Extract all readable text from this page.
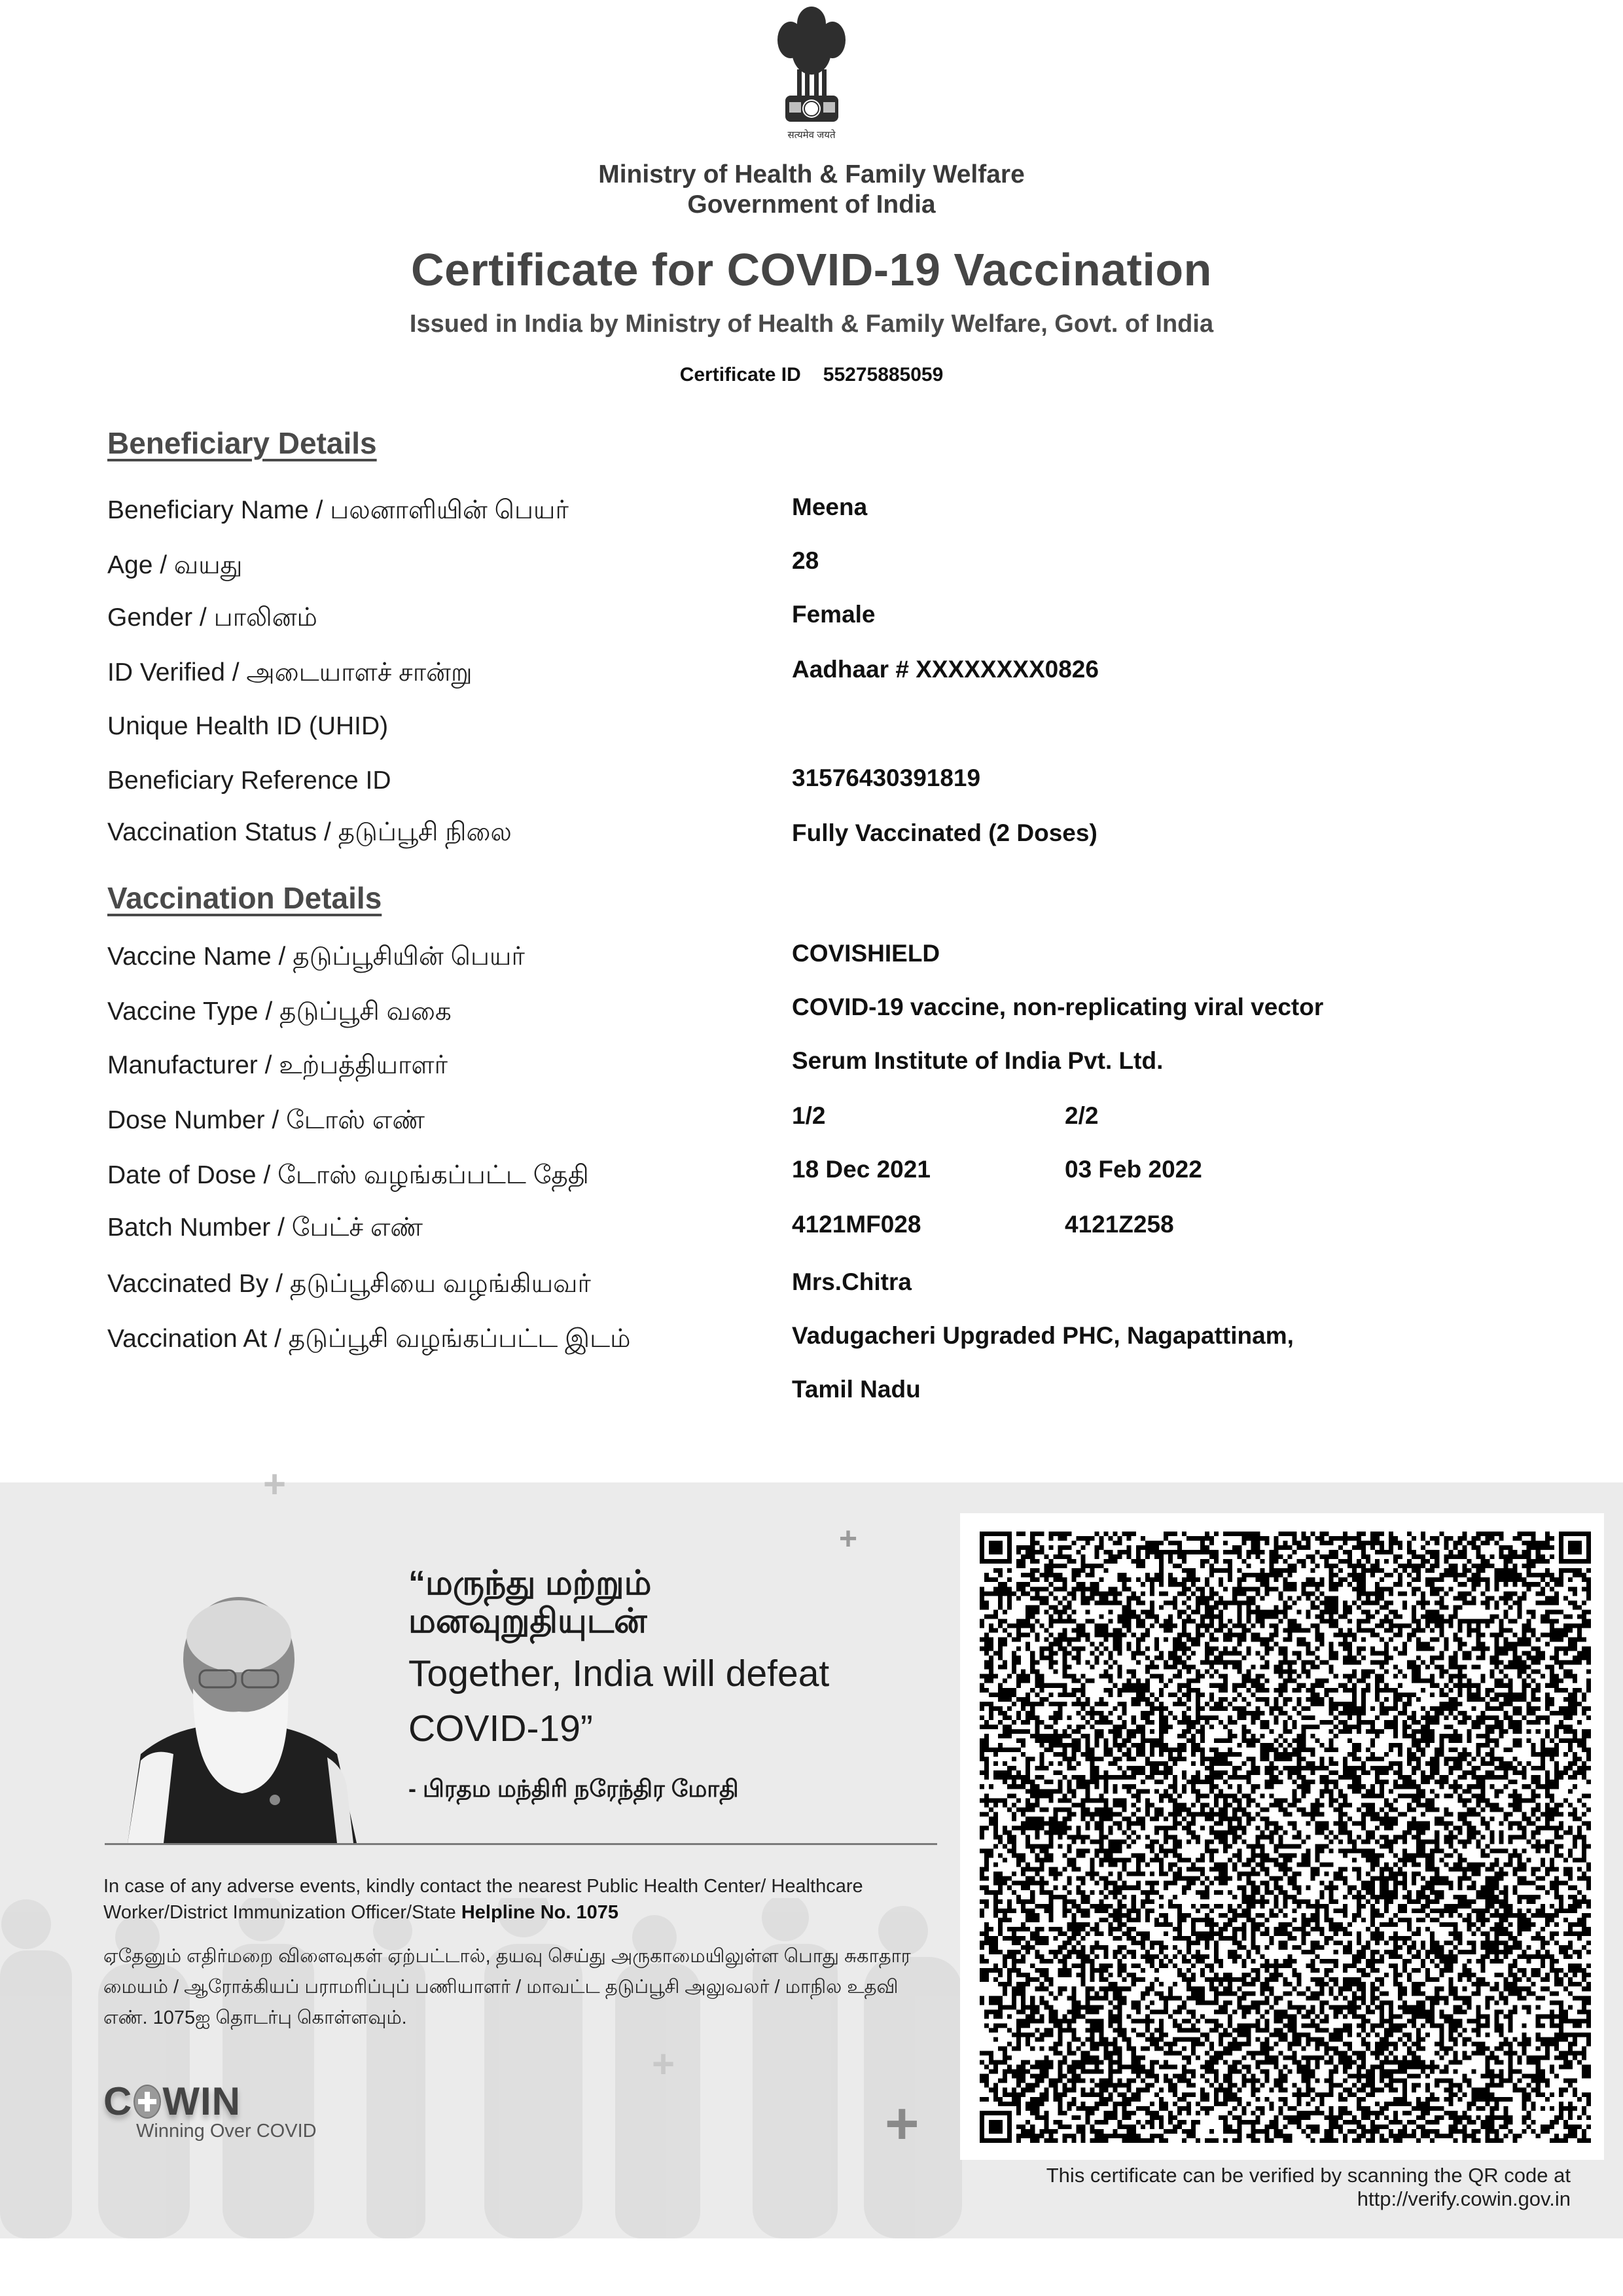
सत्यमेव जयते
Ministry of Health & Family Welfare
Government of India
Certificate for COVID-19 Vaccination
Issued in India by Ministry of Health & Family Welfare, Govt. of India
Certificate ID 55275885059
Beneficiary Details
Beneficiary Name / பலனாளியின் பெயர்	Meena
Age / வயது	28
Gender / பாலினம்	Female
ID Verified / அடையாளச் சான்று	Aadhaar # XXXXXXXX0826
Unique Health ID (UHID)
Beneficiary Reference ID	31576430391819
Vaccination Status / தடுப்பூசி நிலை	Fully Vaccinated (2 Doses)
Vaccination Details
Vaccine Name / தடுப்பூசியின் பெயர்	COVISHIELD
Vaccine Type / தடுப்பூசி வகை	COVID-19 vaccine, non-replicating viral vector
Manufacturer / உற்பத்தியாளர்	Serum Institute of India Pvt. Ltd.
Dose Number / டோஸ் எண்	1/2	2/2
Date of Dose / டோஸ் வழங்கப்பட்ட தேதி	18 Dec 2021	03 Feb 2022
Batch Number / பேட்ச் எண்	4121MF028	4121Z258
Vaccinated By / தடுப்பூசியை வழங்கியவர்	Mrs.Chitra
Vaccination At / தடுப்பூசி வழங்கப்பட்ட இடம்	Vadugacheri Upgraded PHC, Nagapattinam,
Tamil Nadu
+
+
+
+
“மருந்து மற்றும்
மனவுறுதியுடன்
Together, India will defeat
COVID-19”
- பிரதம மந்திரி நரேந்திர மோதி
In case of any adverse events, kindly contact the nearest Public Health Center/ Healthcare Worker/District Immunization Officer/State Helpline No. 1075
ஏதேனும் எதிர்மறை விளைவுகள் ஏற்பட்டால், தயவு செய்து அருகாமையிலுள்ள பொது சுகாதார மையம் / ஆரோக்கியப் பராமரிப்புப் பணியாளர் / மாவட்ட தடுப்பூசி அலுவலர் / மாநில உதவி எண். 1075ஐ தொடர்பு கொள்ளவும்.
C WIN
Winning Over COVID
This certificate can be verified by scanning the QR code at
http://verify.cowin.gov.in
